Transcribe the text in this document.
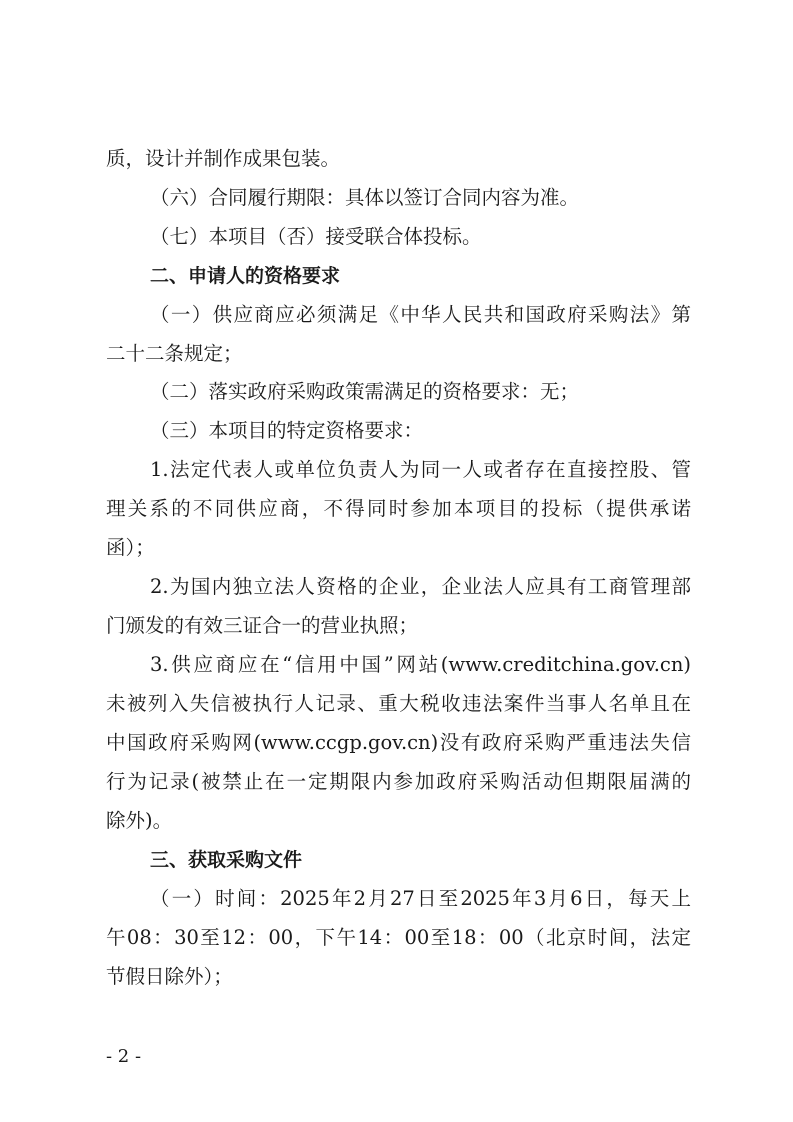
质，设计并制作成果包装。
（六）合同履行期限：具体以签订合同内容为准。
（七）本项目（否）接受联合体投标。
二、申请人的资格要求
（一）供应商应必须满足《中华人民共和国政府采购法》第
二十二条规定；
（二）落实政府采购政策需满足的资格要求：无；
（三）本项目的特定资格要求：
1.法定代表人或单位负责人为同一人或者存在直接控股、管
理关系的不同供应商，不得同时参加本项目的投标（提供承诺
函）；
2.为国内独立法人资格的企业，企业法人应具有工商管理部
门颁发的有效三证合一的营业执照；
3.供应商应在“信用中国”网站(www.creditchina.gov.cn)
未被列入失信被执行人记录、重大税收违法案件当事人名单且在
中国政府采购网(www.ccgp.gov.cn)没有政府采购严重违法失信
行为记录(被禁止在一定期限内参加政府采购活动但期限届满的
除外)。
三、获取采购文件
（一）时间：2025年2月27日至2025年3月6日，每天上
午08：30至12：00，下午14：00至18：00（北京时间，法定
节假日除外）；
- 2 -
